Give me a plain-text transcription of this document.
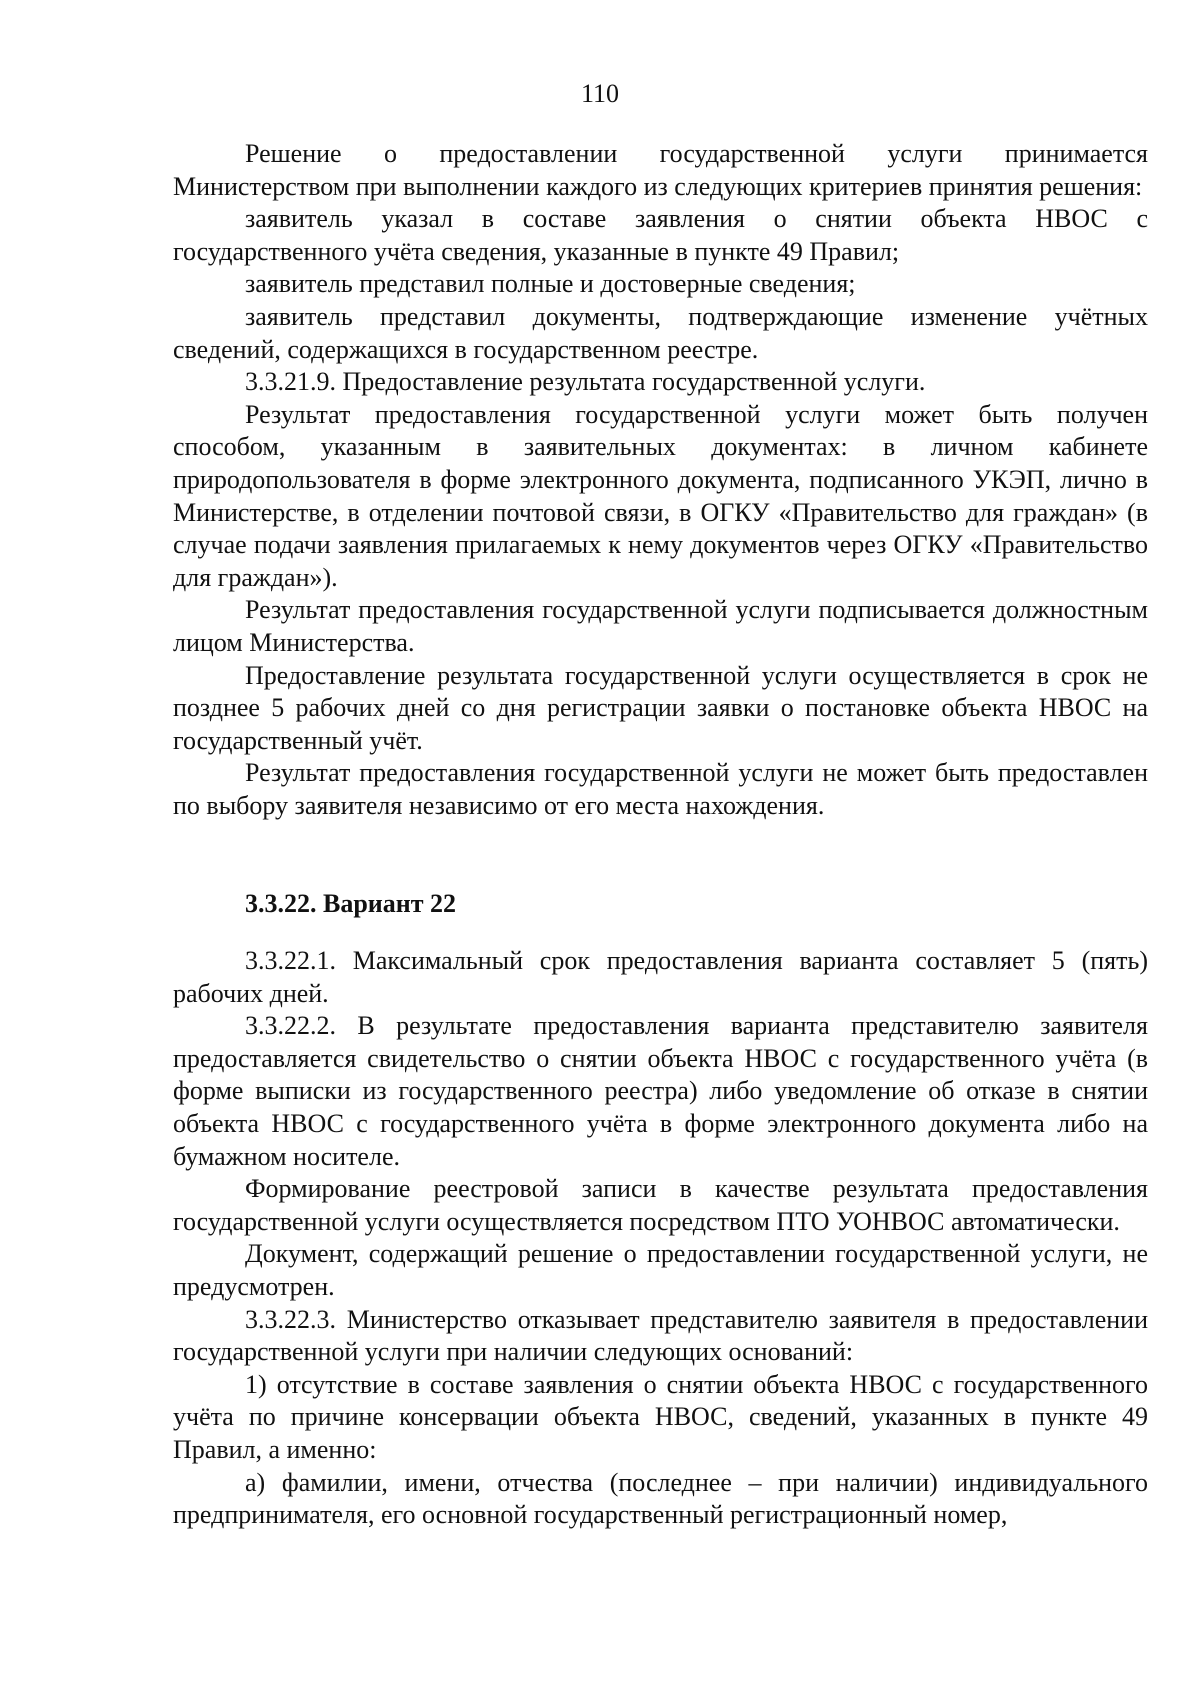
110

Решение о предоставлении государственной услуги принимается Министерством при выполнении каждого из следующих критериев принятия решения:

заявитель указал в составе заявления о снятии объекта НВОС с государственного учёта сведения, указанные в пункте 49 Правил;

заявитель представил полные и достоверные сведения;

заявитель представил документы, подтверждающие изменение учётных сведений, содержащихся в государственном реестре.

3.3.21.9. Предоставление результата государственной услуги.

Результат предоставления государственной услуги может быть получен способом, указанным в заявительных документах: в личном кабинете природопользователя в форме электронного документа, подписанного УКЭП, лично в Министерстве, в отделении почтовой связи, в ОГКУ «Правительство для граждан» (в случае подачи заявления прилагаемых к нему документов через ОГКУ «Правительство для граждан»).

Результат предоставления государственной услуги подписывается должностным лицом Министерства.

Предоставление результата государственной услуги осуществляется в срок не позднее 5 рабочих дней со дня регистрации заявки о постановке объекта НВОС на государственный учёт.

Результат предоставления государственной услуги не может быть предоставлен по выбору заявителя независимо от его места нахождения.

3.3.22. Вариант 22

3.3.22.1. Максимальный срок предоставления варианта составляет 5 (пять) рабочих дней.

3.3.22.2. В результате предоставления варианта представителю заявителя предоставляется свидетельство о снятии объекта НВОС с государственного учёта (в форме выписки из государственного реестра) либо уведомление об отказе в снятии объекта НВОС с государственного учёта в форме электронного документа либо на бумажном носителе.

Формирование реестровой записи в качестве результата предоставления государственной услуги осуществляется посредством ПТО УОНВОС автоматически.

Документ, содержащий решение о предоставлении государственной услуги, не предусмотрен.

3.3.22.3. Министерство отказывает представителю заявителя в предоставлении государственной услуги при наличии следующих оснований:

1) отсутствие в составе заявления о снятии объекта НВОС с государственного учёта по причине консервации объекта НВОС, сведений, указанных в пункте 49 Правил, а именно:

а) фамилии, имени, отчества (последнее – при наличии) индивидуального предпринимателя, его основной государственный регистрационный номер,
